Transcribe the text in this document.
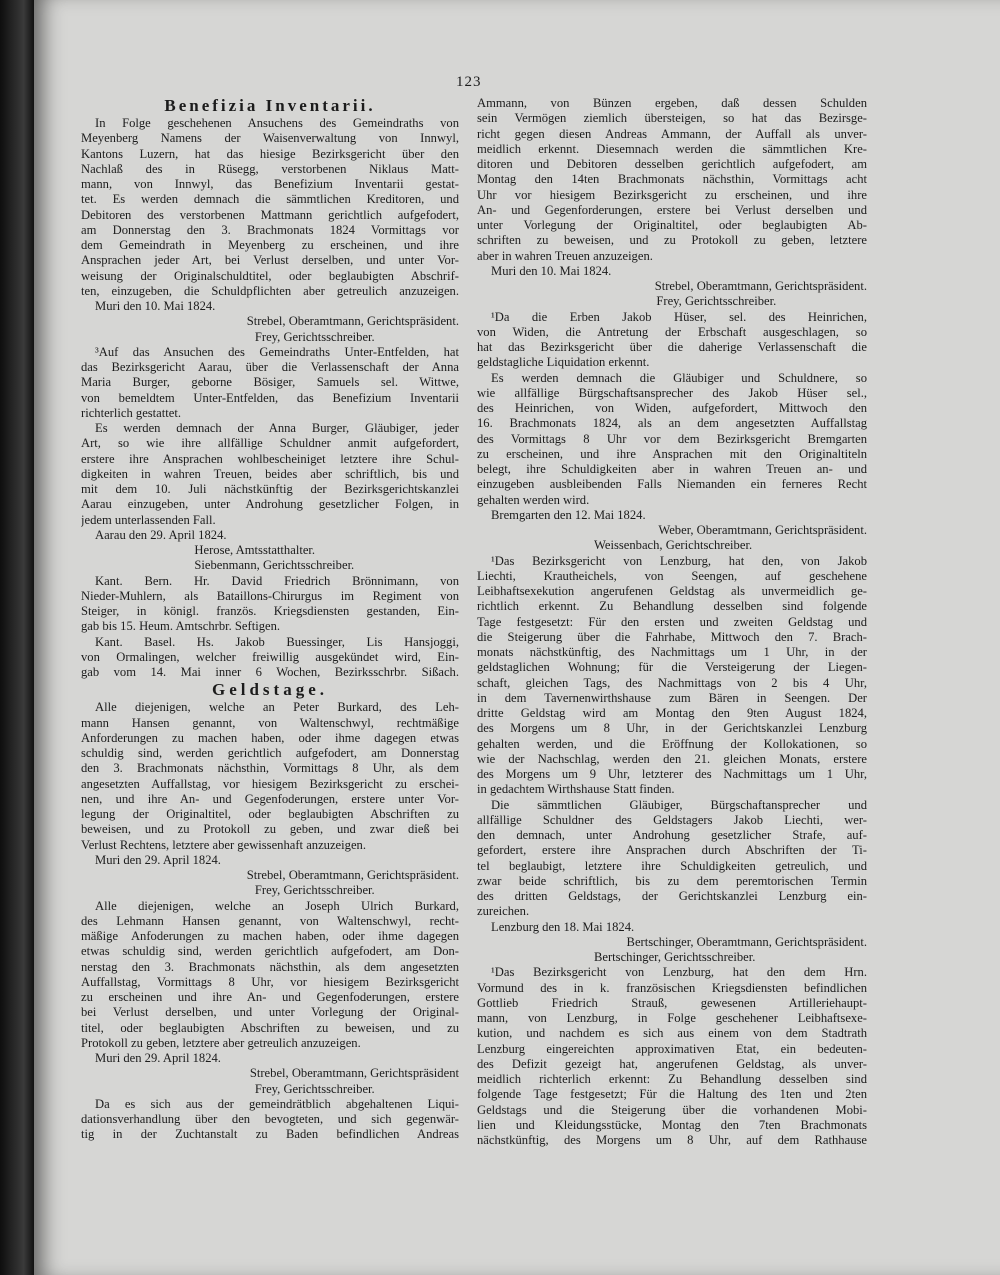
123
Benefizia Inventarii.
In Folge geschehenen Ansuchens des Gemeindraths von
Meyenberg Namens der Waisenverwaltung von Innwyl,
Kantons Luzern, hat das hiesige Bezirksgericht über den
Nachlaß des in Rüsegg, verstorbenen Niklaus Matt-
mann, von Innwyl, das Benefizium Inventarii gestat-
tet. Es werden demnach die sämmtlichen Kreditoren, und
Debitoren des verstorbenen Mattmann gerichtlich aufgefodert,
am Donnerstag den 3. Brachmonats 1824 Vormittags vor
dem Gemeindrath in Meyenberg zu erscheinen, und ihre
Ansprachen jeder Art, bei Verlust derselben, und unter Vor-
weisung der Originalschuldtitel, oder beglaubigten Abschrif-
ten, einzugeben, die Schuldpflichten aber getreulich anzuzeigen.
Muri den 10. Mai 1824.
Strebel, Oberamtmann, Gerichtspräsident.
Frey, Gerichtsschreiber.
³Auf das Ansuchen des Gemeindraths Unter-Entfelden, hat
das Bezirksgericht Aarau, über die Verlassenschaft der Anna
Maria Burger, geborne Bösiger, Samuels sel. Wittwe,
von bemeldtem Unter-Entfelden, das Benefizium Inventarii
richterlich gestattet.
Es werden demnach der Anna Burger, Gläubiger, jeder
Art, so wie ihre allfällige Schuldner anmit aufgefordert,
erstere ihre Ansprachen wohlbescheiniget letztere ihre Schul-
digkeiten in wahren Treuen, beides aber schriftlich, bis und
mit dem 10. Juli nächstkünftig der Bezirksgerichtskanzlei
Aarau einzugeben, unter Androhung gesetzlicher Folgen, in
jedem unterlassenden Fall.
Aarau den 29. April 1824.
Herose, Amtsstatthalter.
Siebenmann, Gerichtsschreiber.
Kant. Bern. Hr. David Friedrich Brönnimann, von
Nieder-Muhlern, als Bataillons-Chirurgus im Regiment von
Steiger, in königl. französ. Kriegsdiensten gestanden, Ein-
gab bis 15. Heum. Amtschrbr. Seftigen.
Kant. Basel. Hs. Jakob Buessinger, Lis Hansjoggi,
von Ormalingen, welcher freiwillig ausgekündet wird, Ein-
gab vom 14. Mai inner 6 Wochen, Bezirksschrbr. Sißach.
Geldstage.
Alle diejenigen, welche an Peter Burkard, des Leh-
mann Hansen genannt, von Waltenschwyl, rechtmäßige
Anforderungen zu machen haben, oder ihme dagegen etwas
schuldig sind, werden gerichtlich aufgefodert, am Donnerstag
den 3. Brachmonats nächsthin, Vormittags 8 Uhr, als dem
angesetzten Auffallstag, vor hiesigem Bezirksgericht zu erschei-
nen, und ihre An- und Gegenfoderungen, erstere unter Vor-
legung der Originaltitel, oder beglaubigten Abschriften zu
beweisen, und zu Protokoll zu geben, und zwar dieß bei
Verlust Rechtens, letztere aber gewissenhaft anzuzeigen.
Muri den 29. April 1824.
Strebel, Oberamtmann, Gerichtspräsident.
Frey, Gerichtsschreiber.
Alle diejenigen, welche an Joseph Ulrich Burkard,
des Lehmann Hansen genannt, von Waltenschwyl, recht-
mäßige Anfoderungen zu machen haben, oder ihme dagegen
etwas schuldig sind, werden gerichtlich aufgefodert, am Don-
nerstag den 3. Brachmonats nächsthin, als dem angesetzten
Auffallstag, Vormittags 8 Uhr, vor hiesigem Bezirksgericht
zu erscheinen und ihre An- und Gegenfoderungen, erstere
bei Verlust derselben, und unter Vorlegung der Original-
titel, oder beglaubigten Abschriften zu beweisen, und zu
Protokoll zu geben, letztere aber getreulich anzuzeigen.
Muri den 29. April 1824.
Strebel, Oberamtmann, Gerichtspräsident
Frey, Gerichtsschreiber.
Da es sich aus der gemeindrätblich abgehaltenen Liqui-
dationsverhandlung über den bevogteten, und sich gegenwär-
tig in der Zuchtanstalt zu Baden befindlichen Andreas
Ammann, von Bünzen ergeben, daß dessen Schulden
sein Vermögen ziemlich übersteigen, so hat das Bezirsge-
richt gegen diesen Andreas Ammann, der Auffall als unver-
meidlich erkennt. Diesemnach werden die sämmtlichen Kre-
ditoren und Debitoren desselben gerichtlich aufgefodert, am
Montag den 14ten Brachmonats nächsthin, Vormittags acht
Uhr vor hiesigem Bezirksgericht zu erscheinen, und ihre
An- und Gegenforderungen, erstere bei Verlust derselben und
unter Vorlegung der Originaltitel, oder beglaubigten Ab-
schriften zu beweisen, und zu Protokoll zu geben, letztere
aber in wahren Treuen anzuzeigen.
Muri den 10. Mai 1824.
Strebel, Oberamtmann, Gerichtspräsident.
Frey, Gerichtsschreiber.
¹Da die Erben Jakob Hüser, sel. des Heinrichen,
von Widen, die Antretung der Erbschaft ausgeschlagen, so
hat das Bezirksgericht über die daherige Verlassenschaft die
geldstagliche Liquidation erkennt.
Es werden demnach die Gläubiger und Schuldnere, so
wie allfällige Bürgschaftsansprecher des Jakob Hüser sel.,
des Heinrichen, von Widen, aufgefordert, Mittwoch den
16. Brachmonats 1824, als an dem angesetzten Auffallstag
des Vormittags 8 Uhr vor dem Bezirksgericht Bremgarten
zu erscheinen, und ihre Ansprachen mit den Originaltiteln
belegt, ihre Schuldigkeiten aber in wahren Treuen an- und
einzugeben ausbleibenden Falls Niemanden ein ferneres Recht
gehalten werden wird.
Bremgarten den 12. Mai 1824.
Weber, Oberamtmann, Gerichtspräsident.
Weissenbach, Gerichtschreiber.
¹Das Bezirksgericht von Lenzburg, hat den, von Jakob
Liechti, Krautheichels, von Seengen, auf geschehene
Leibhaftsexekution angerufenen Geldstag als unvermeidlich ge-
richtlich erkennt. Zu Behandlung desselben sind folgende
Tage festgesetzt: Für den ersten und zweiten Geldstag und
die Steigerung über die Fahrhabe, Mittwoch den 7. Brach-
monats nächstkünftig, des Nachmittags um 1 Uhr, in der
geldstaglichen Wohnung; für die Versteigerung der Liegen-
schaft, gleichen Tags, des Nachmittags von 2 bis 4 Uhr,
in dem Tavernenwirthshause zum Bären in Seengen. Der
dritte Geldstag wird am Montag den 9ten August 1824,
des Morgens um 8 Uhr, in der Gerichtskanzlei Lenzburg
gehalten werden, und die Eröffnung der Kollokationen, so
wie der Nachschlag, werden den 21. gleichen Monats, erstere
des Morgens um 9 Uhr, letzterer des Nachmittags um 1 Uhr,
in gedachtem Wirthshause Statt finden.
Die sämmtlichen Gläubiger, Bürgschaftansprecher und
allfällige Schuldner des Geldstagers Jakob Liechti, wer-
den demnach, unter Androhung gesetzlicher Strafe, auf-
gefordert, erstere ihre Ansprachen durch Abschriften der Ti-
tel beglaubigt, letztere ihre Schuldigkeiten getreulich, und
zwar beide schriftlich, bis zu dem peremtorischen Termin
des dritten Geldstags, der Gerichtskanzlei Lenzburg ein-
zureichen.
Lenzburg den 18. Mai 1824.
Bertschinger, Oberamtmann, Gerichtspräsident.
Bertschinger, Gerichtsschreiber.
¹Das Bezirksgericht von Lenzburg, hat den dem Hrn.
Vormund des in k. französischen Kriegsdiensten befindlichen
Gottlieb Friedrich Strauß, gewesenen Artilleriehaupt-
mann, von Lenzburg, in Folge geschehener Leibhaftsexe-
kution, und nachdem es sich aus einem von dem Stadtrath
Lenzburg eingereichten approximativen Etat, ein bedeuten-
des Defizit gezeigt hat, angerufenen Geldstag, als unver-
meidlich richterlich erkennt: Zu Behandlung desselben sind
folgende Tage festgesetzt; Für die Haltung des 1ten und 2ten
Geldstags und die Steigerung über die vorhandenen Mobi-
lien und Kleidungsstücke, Montag den 7ten Brachmonats
nächstkünftig, des Morgens um 8 Uhr, auf dem Rathhause
